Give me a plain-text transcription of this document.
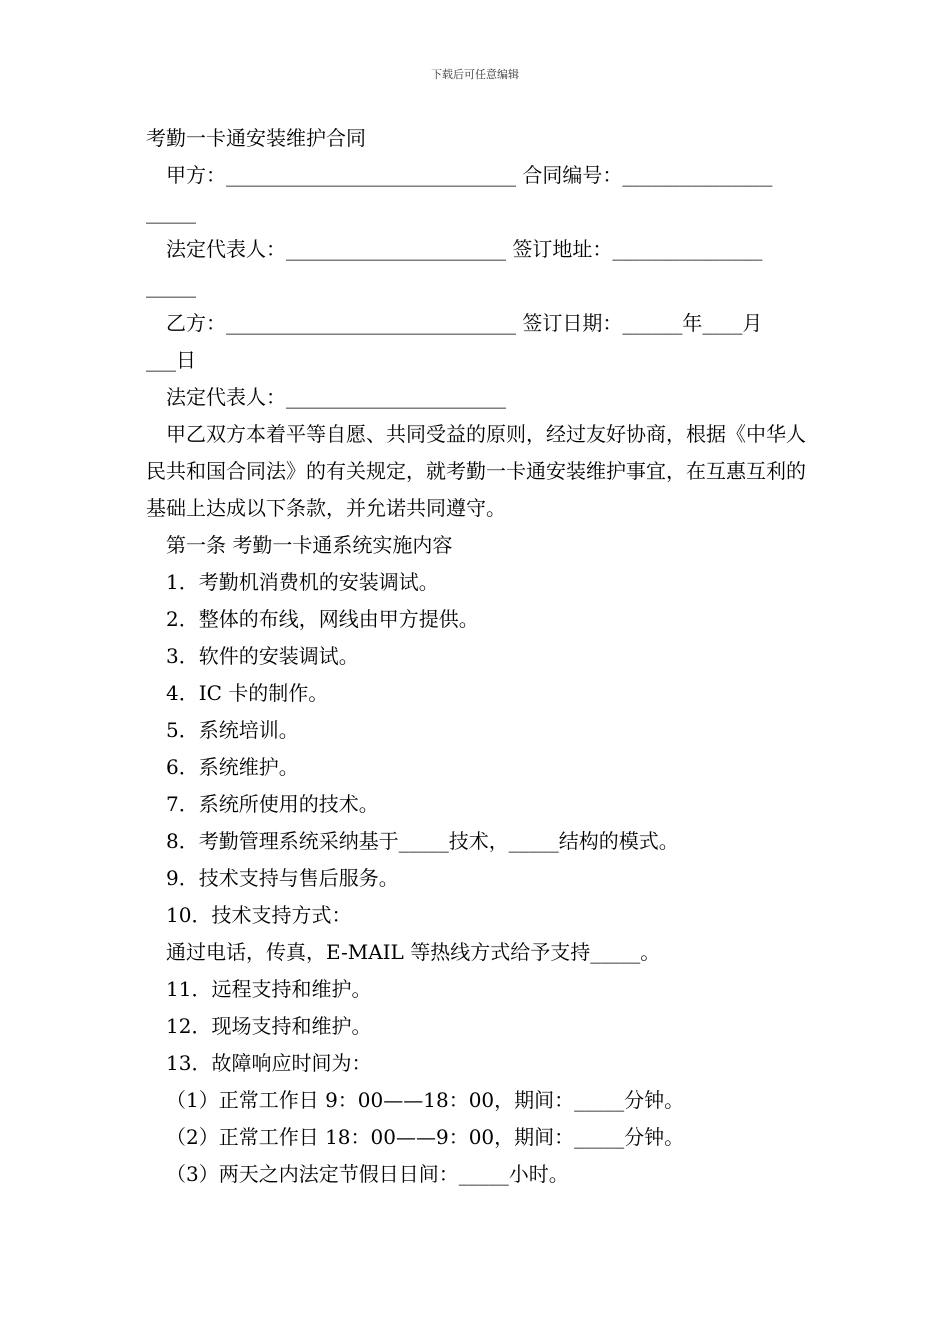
下载后可任意编辑
考勤一卡通安装维护合同
甲方：_____________________________ 合同编号：_______________
_____
法定代表人：______________________ 签订地址：_______________
_____
乙方：_____________________________ 签订日期：______年____月
___日
法定代表人：______________________
甲乙双方本着平等自愿、共同受益的原则，经过友好协商，根据《中华人民共和国合同法》的有关规定，就考勤一卡通安装维护事宜，在互惠互利的基础上达成以下条款，并允诺共同遵守。
第一条 考勤一卡通系统实施内容
1．考勤机消费机的安装调试。
2．整体的布线，网线由甲方提供。
3．软件的安装调试。
4．IC 卡的制作。
5．系统培训。
6．系统维护。
7．系统所使用的技术。
8．考勤管理系统采纳基于_____技术，_____结构的模式。
9．技术支持与售后服务。
10．技术支持方式：
通过电话，传真，E-MAIL 等热线方式给予支持_____。
11．远程支持和维护。
12．现场支持和维护。
13．故障响应时间为：
（1）正常工作日 9：00——18：00，期间：_____分钟。
（2）正常工作日 18：00——9：00，期间：_____分钟。
（3）两天之内法定节假日日间：_____小时。
